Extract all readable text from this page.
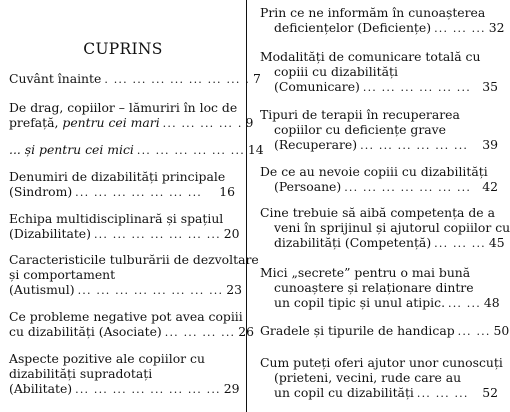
CUPRINS
Cuvânt înainte . ... ... ... ... ... ... ... . 7
De drag, copiilor – lămuriri în loc de
prefață, pentru cei mari ... ... ... ... . 9
... și pentru cei mici ... ... ... ... ... ... 14
Denumiri de dizabilități principale
(Sindrom) ... ... ... ... ... ... ...	16
Echipa multidisciplinară și spațiul
(Dizabilitate) ... ... ... ... ... ... ... 20
Caracteristicile tulburării de dezvoltare
și comportament
(Autismul) ... ... ... ... ... ... ... ... 23
Ce probleme negative pot avea copiii
cu dizabilități (Asociate) ... ... ... ... 26
Aspecte pozitive ale copiilor cu
dizabilități supradotați
(Abilitate) ... ... ... ... ... ... ... ... 29
Prin ce ne informăm în cunoașterea
deficiențelor (Deficiențe) ... ... ... 32
Modalități de comunicare totală cu
copiii cu dizabilități
(Comunicare) ... ... ... ... ... ... 35
Tipuri de terapii în recuperarea
copiilor cu deficiențe grave
(Recuperare) ... ... ... ... ... ...	39
De ce au nevoie copiii cu dizabilități
(Persoane) ... ... ... ... ... ... ... 42
Cine trebuie să aibă competența de a
veni în sprijinul și ajutorul copiilor cu
dizabilități (Competență) ... ... ... 45
Mici „secrete” pentru o mai bună
cunoaștere și relaționare dintre
un copil tipic și unul atipic. ... ... 48
Gradele și tipurile de handicap ... ... 50
Cum puteți oferi ajutor unor cunoscuți
(prieteni, vecini, rude care au
un copil cu dizabilități ... ... ...	52
